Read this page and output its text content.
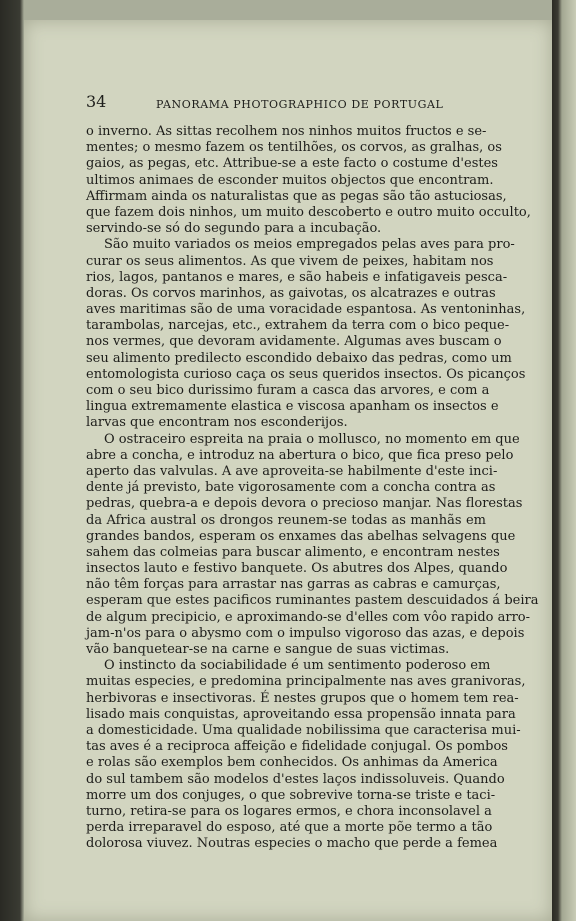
34	PANORAMA PHOTOGRAPHICO DE PORTUGAL
o inverno. As sittas recolhem nos ninhos muitos fructos e se-
mentes; o mesmo fazem os tentilhões, os corvos, as gralhas, os
gaios, as pegas, etc. Attribue-se a este facto o costume d'estes
ultimos animaes de esconder muitos objectos que encontram.
Affirmam ainda os naturalistas que as pegas são tão astuciosas,
que fazem dois ninhos, um muito descoberto e outro muito occulto,
servindo-se só do segundo para a incubação.
São muito variados os meios empregados pelas aves para pro-
curar os seus alimentos. As que vivem de peixes, habitam nos
rios, lagos, pantanos e mares, e são habeis e infatigaveis pesca-
doras. Os corvos marinhos, as gaivotas, os alcatrazes e outras
aves maritimas são de uma voracidade espantosa. As ventoninhas,
tarambolas, narcejas, etc., extrahem da terra com o bico peque-
nos vermes, que devoram avidamente. Algumas aves buscam o
seu alimento predilecto escondido debaixo das pedras, como um
entomologista curioso caça os seus queridos insectos. Os picanços
com o seu bico durissimo furam a casca das arvores, e com a
lingua extremamente elastica e viscosa apanham os insectos e
larvas que encontram nos esconderijos.
O ostraceiro espreita na praia o mollusco, no momento em que
abre a concha, e introduz na abertura o bico, que fica preso pelo
aperto das valvulas. A ave aproveita-se habilmente d'este inci-
dente já previsto, bate vigorosamente com a concha contra as
pedras, quebra-a e depois devora o precioso manjar. Nas florestas
da Africa austral os drongos reunem-se todas as manhãs em
grandes bandos, esperam os enxames das abelhas selvagens que
sahem das colmeias para buscar alimento, e encontram nestes
insectos lauto e festivo banquete. Os abutres dos Alpes, quando
não têm forças para arrastar nas garras as cabras e camurças,
esperam que estes pacificos ruminantes pastem descuidados á beira
de algum precipicio, e aproximando-se d'elles com vôo rapido arro-
jam-n'os para o abysmo com o impulso vigoroso das azas, e depois
vão banquetear-se na carne e sangue de suas victimas.
O instincto da sociabilidade é um sentimento poderoso em
muitas especies, e predomina principalmente nas aves granivoras,
herbivoras e insectivoras. É nestes grupos que o homem tem rea-
lisado mais conquistas, aproveitando essa propensão innata para
a domesticidade. Uma qualidade nobilissima que caracterisa mui-
tas aves é a reciproca affeição e fidelidade conjugal. Os pombos
e rolas são exemplos bem conhecidos. Os anhimas da America
do sul tambem são modelos d'estes laços indissoluveis. Quando
morre um dos conjuges, o que sobrevive torna-se triste e taci-
turno, retira-se para os logares ermos, e chora inconsolavel a
perda irreparavel do esposo, até que a morte põe termo a tão
dolorosa viuvez. Noutras especies o macho que perde a femea
